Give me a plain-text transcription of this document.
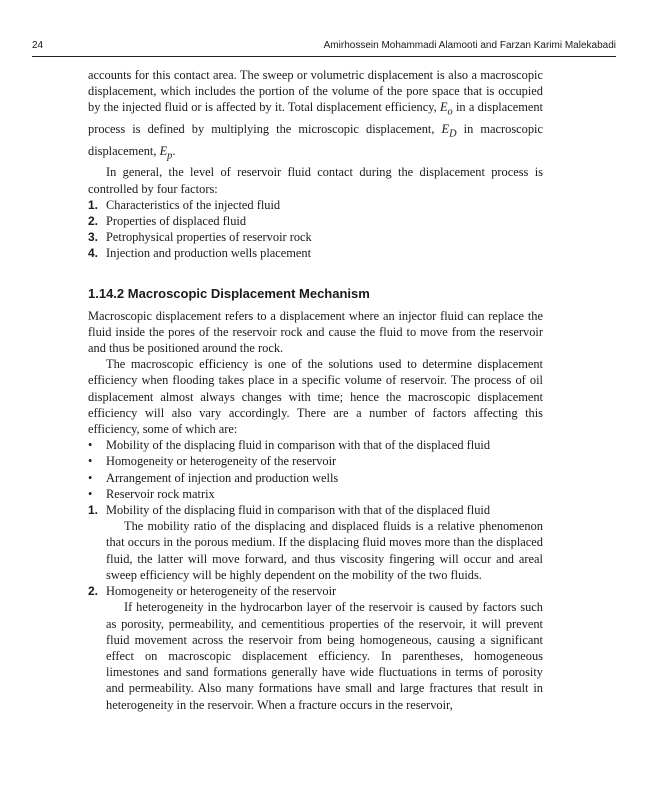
24	Amirhossein Mohammadi Alamooti and Farzan Karimi Malekabadi

accounts for this contact area. The sweep or volumetric displacement is also a macroscopic displacement, which includes the portion of the volume of the pore space that is occupied by the injected fluid or is affected by it. Total displacement efficiency, $E_o$ in a displacement process is defined by multiplying the microscopic displacement, $E_D$ in macroscopic displacement, $E_p$.

In general, the level of reservoir fluid contact during the displacement process is controlled by four factors:

1. Characteristics of the injected fluid
2. Properties of displaced fluid
3. Petrophysical properties of reservoir rock
4. Injection and production wells placement
1.14.2 Macroscopic Displacement Mechanism

Macroscopic displacement refers to a displacement where an injector fluid can replace the fluid inside the pores of the reservoir rock and cause the fluid to move from the reservoir and thus be positioned around the rock.

The macroscopic efficiency is one of the solutions used to determine displacement efficiency when flooding takes place in a specific volume of reservoir. The process of oil displacement almost always changes with time; hence the macroscopic displacement efficiency will also vary accordingly. There are a number of factors affecting this efficiency, some of which are:

• Mobility of the displacing fluid in comparison with that of the displaced fluid
• Homogeneity or heterogeneity of the reservoir
• Arrangement of injection and production wells
• Reservoir rock matrix
1. Mobility of the displacing fluid in comparison with that of the displaced fluid
The mobility ratio of the displacing and displaced fluids is a relative phenomenon that occurs in the porous medium. If the displacing fluid moves more than the displaced fluid, the latter will move forward, and thus viscosity fingering will occur and areal sweep efficiency will be highly dependent on the mobility of the two fluids.
2. Homogeneity or heterogeneity of the reservoir
If heterogeneity in the hydrocarbon layer of the reservoir is caused by factors such as porosity, permeability, and cementitious properties of the reservoir, it will prevent fluid movement across the reservoir from being homogeneous, causing a significant effect on macroscopic displacement efficiency. In parentheses, homogeneous limestones and sand formations generally have wide fluctuations in terms of porosity and permeability. Also many formations have small and large fractures that result in heterogeneity in the reservoir. When a fracture occurs in the reservoir,
